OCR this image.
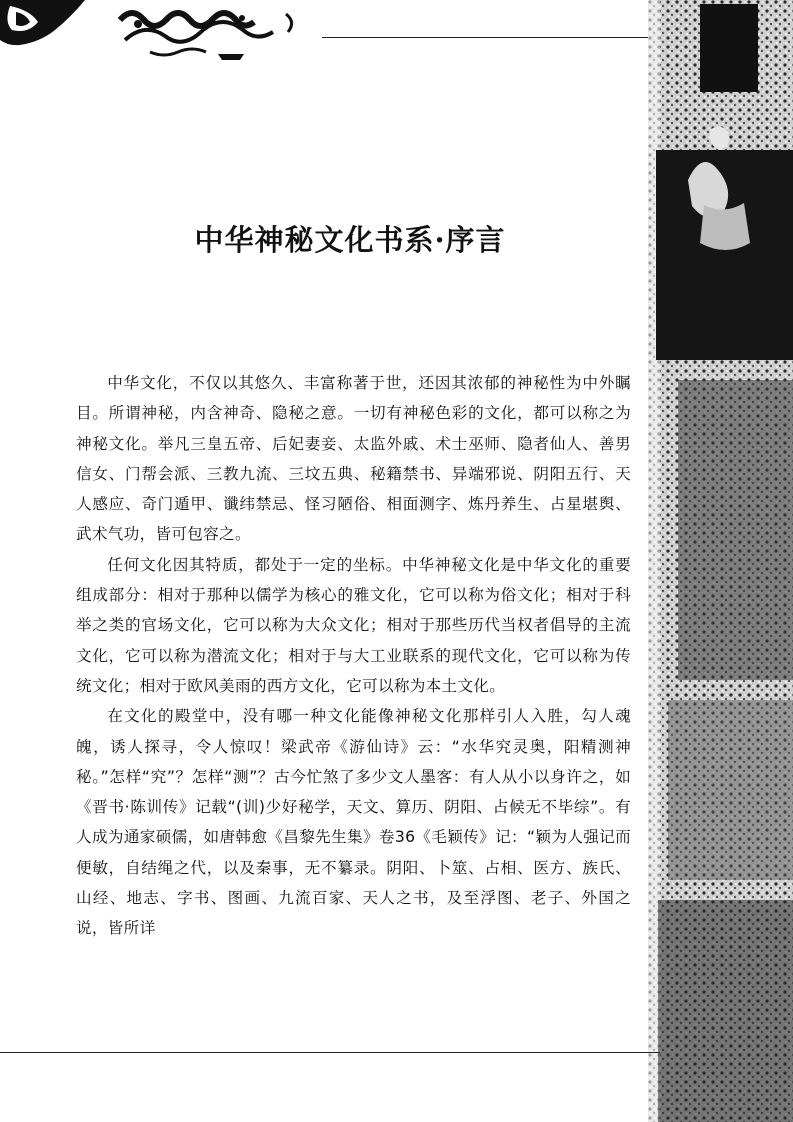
中华神秘文化书系·序言

中华文化，不仅以其悠久、丰富称著于世，还因其浓郁的神秘性为中外瞩目。所谓神秘，内含神奇、隐秘之意。一切有神秘色彩的文化，都可以称之为神秘文化。举凡三皇五帝、后妃妻妾、太监外戚、术士巫师、隐者仙人、善男信女、门帮会派、三教九流、三坟五典、秘籍禁书、异端邪说、阴阳五行、天人感应、奇门遁甲、谶纬禁忌、怪习陋俗、相面测字、炼丹养生、占星堪舆、武术气功，皆可包容之。

任何文化因其特质，都处于一定的坐标。中华神秘文化是中华文化的重要组成部分：相对于那种以儒学为核心的雅文化，它可以称为俗文化；相对于科举之类的官场文化，它可以称为大众文化；相对于那些历代当权者倡导的主流文化，它可以称为潜流文化；相对于与大工业联系的现代文化，它可以称为传统文化；相对于欧风美雨的西方文化，它可以称为本土文化。

在文化的殿堂中，没有哪一种文化能像神秘文化那样引人入胜，勾人魂魄，诱人探寻，令人惊叹！梁武帝《游仙诗》云：“水华究灵奥，阳精测神秘。”怎样“究”？怎样“测”？古今忙煞了多少文人墨客：有人从小以身许之，如《晋书·陈训传》记载“(训)少好秘学，天文、算历、阴阳、占候无不毕综”。有人成为通家硕儒，如唐韩愈《昌黎先生集》卷36《毛颖传》记：“颖为人强记而便敏，自结绳之代，以及秦事，无不纂录。阴阳、卜筮、占相、医方、族氏、山经、地志、字书、图画、九流百家、天人之书，及至浮图、老子、外国之说，皆所详
